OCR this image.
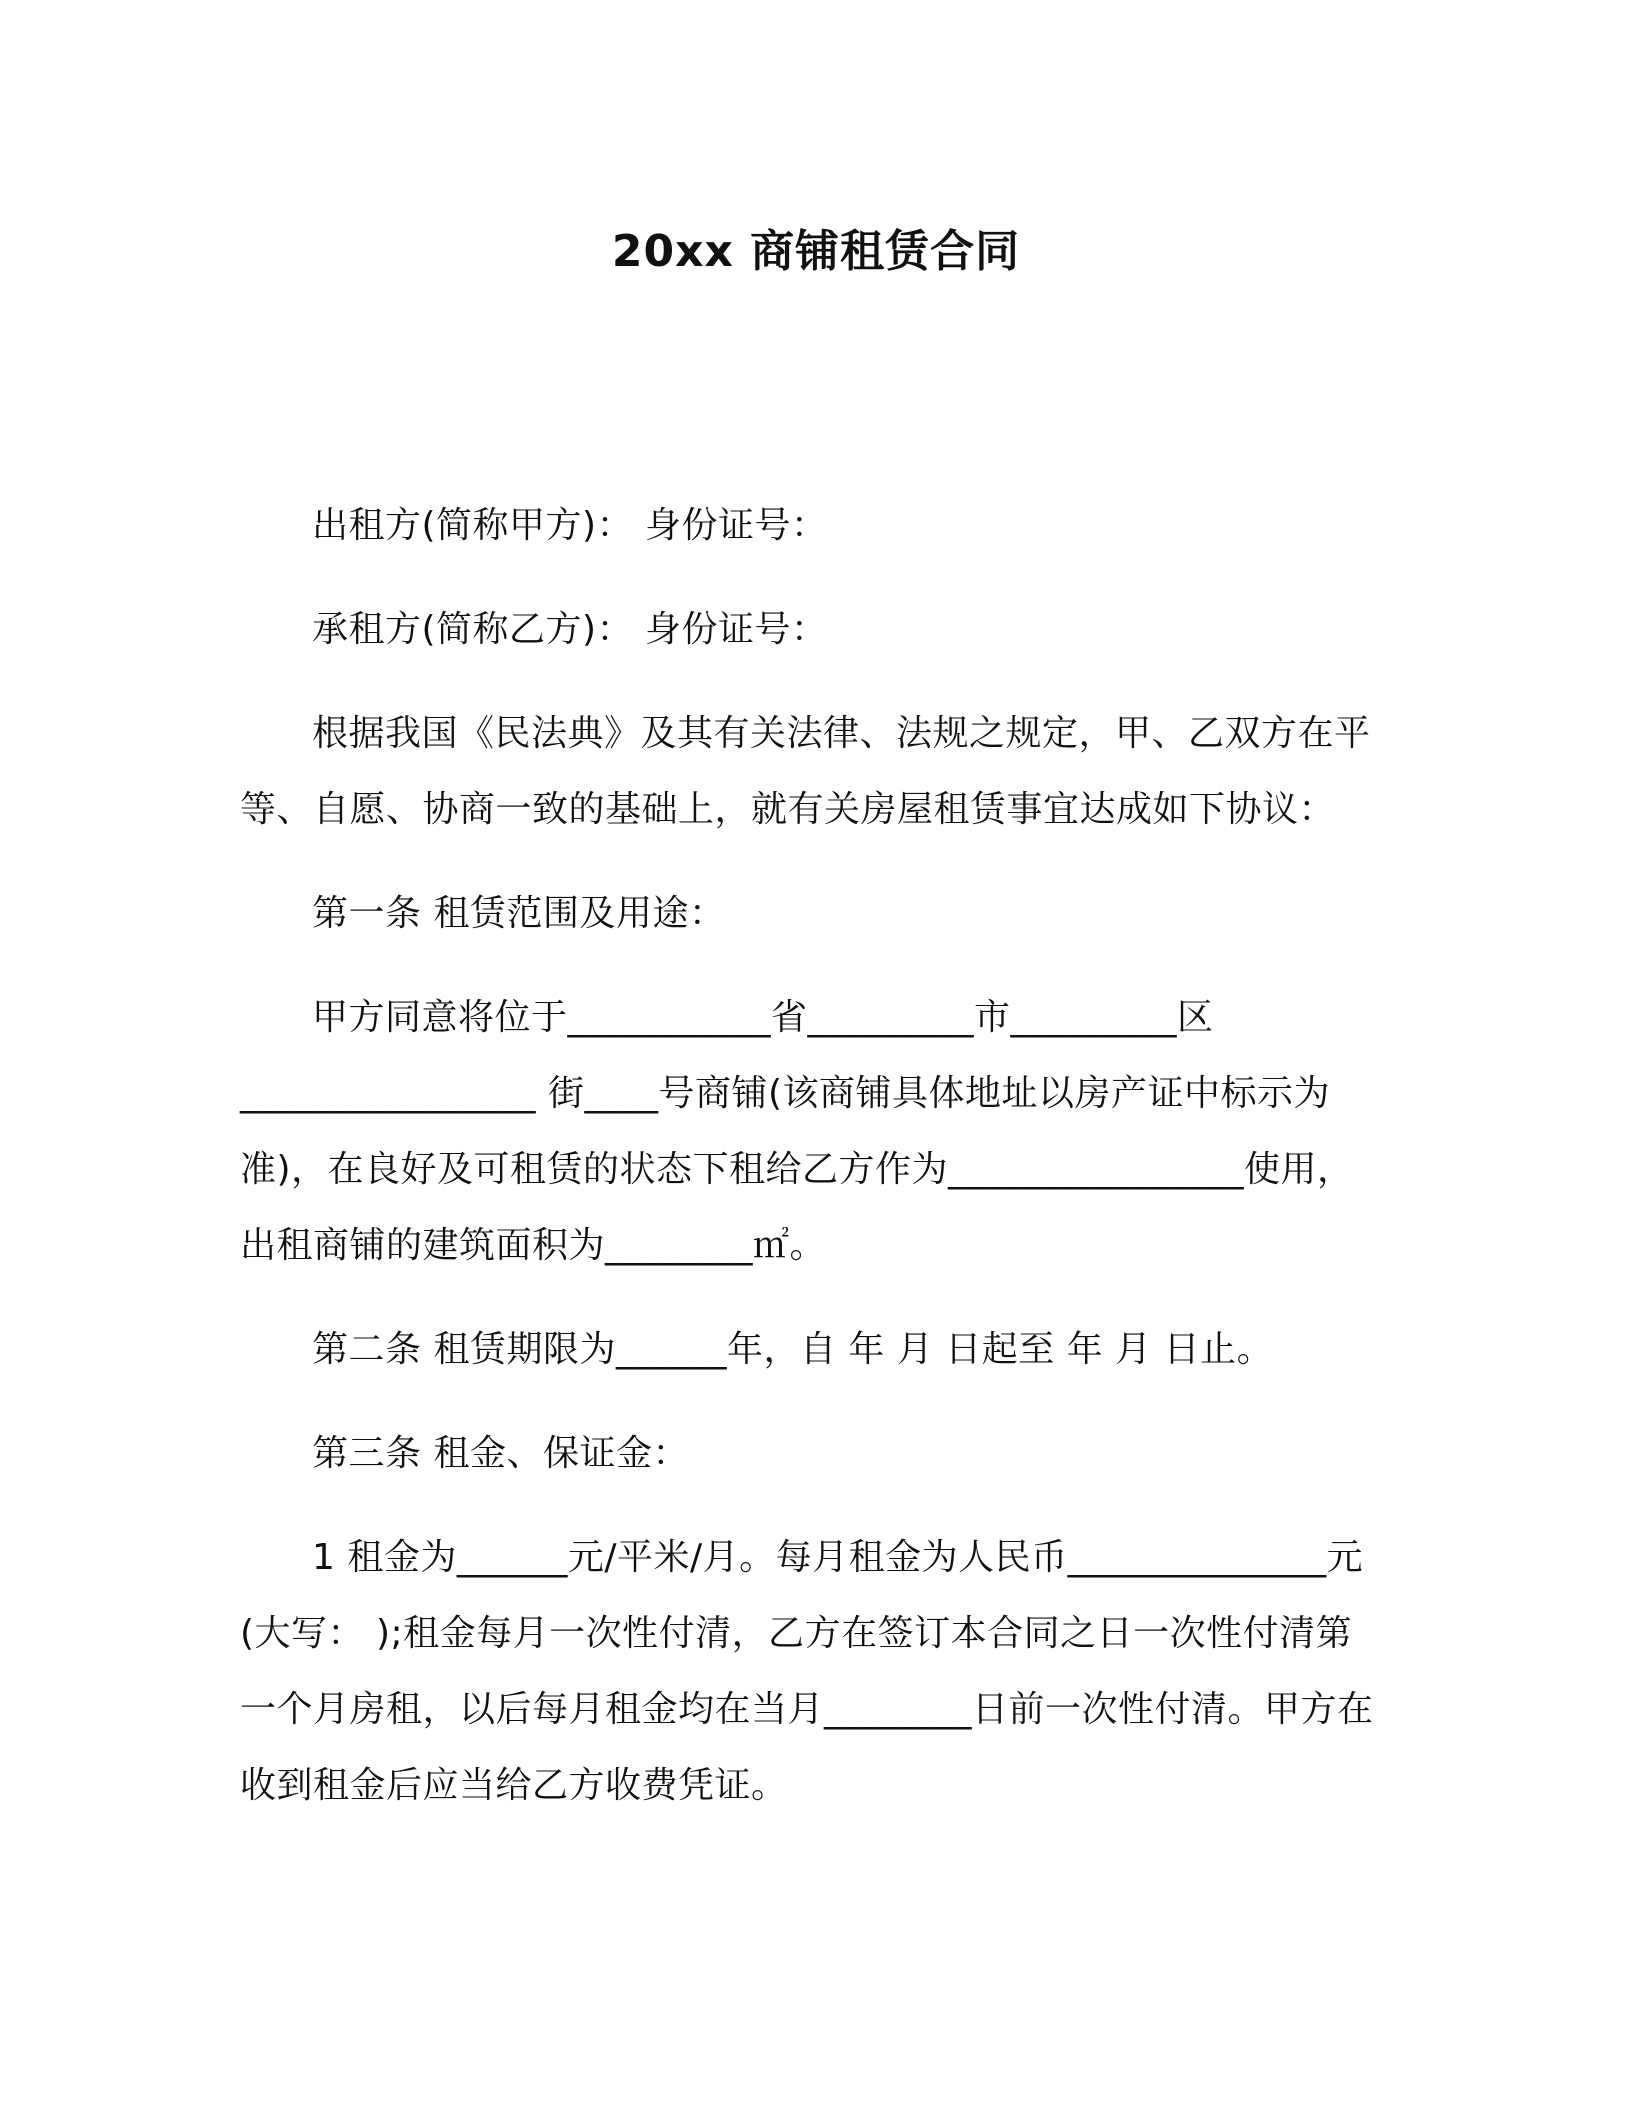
20xx 商铺租赁合同

出租方(简称甲方)： 身份证号：

承租方(简称乙方)： 身份证号：

根据我国《民法典》及其有关法律、法规之规定，甲、乙双方在平等、自愿、协商一致的基础上，就有关房屋租赁事宜达成如下协议：

第一条 租赁范围及用途：

甲方同意将位于___________省_________市_________区________________ 街____号商铺(该商铺具体地址以房产证中标示为准)，在良好及可租赁的状态下租给乙方作为________________使用，出租商铺的建筑面积为________㎡。

第二条 租赁期限为______年，自 年 月 日起至 年 月 日止。

第三条 租金、保证金：

1 租金为______元/平米/月。每月租金为人民币______________元(大写： );租金每月一次性付清，乙方在签订本合同之日一次性付清第一个月房租，以后每月租金均在当月________日前一次性付清。甲方在收到租金后应当给乙方收费凭证。
